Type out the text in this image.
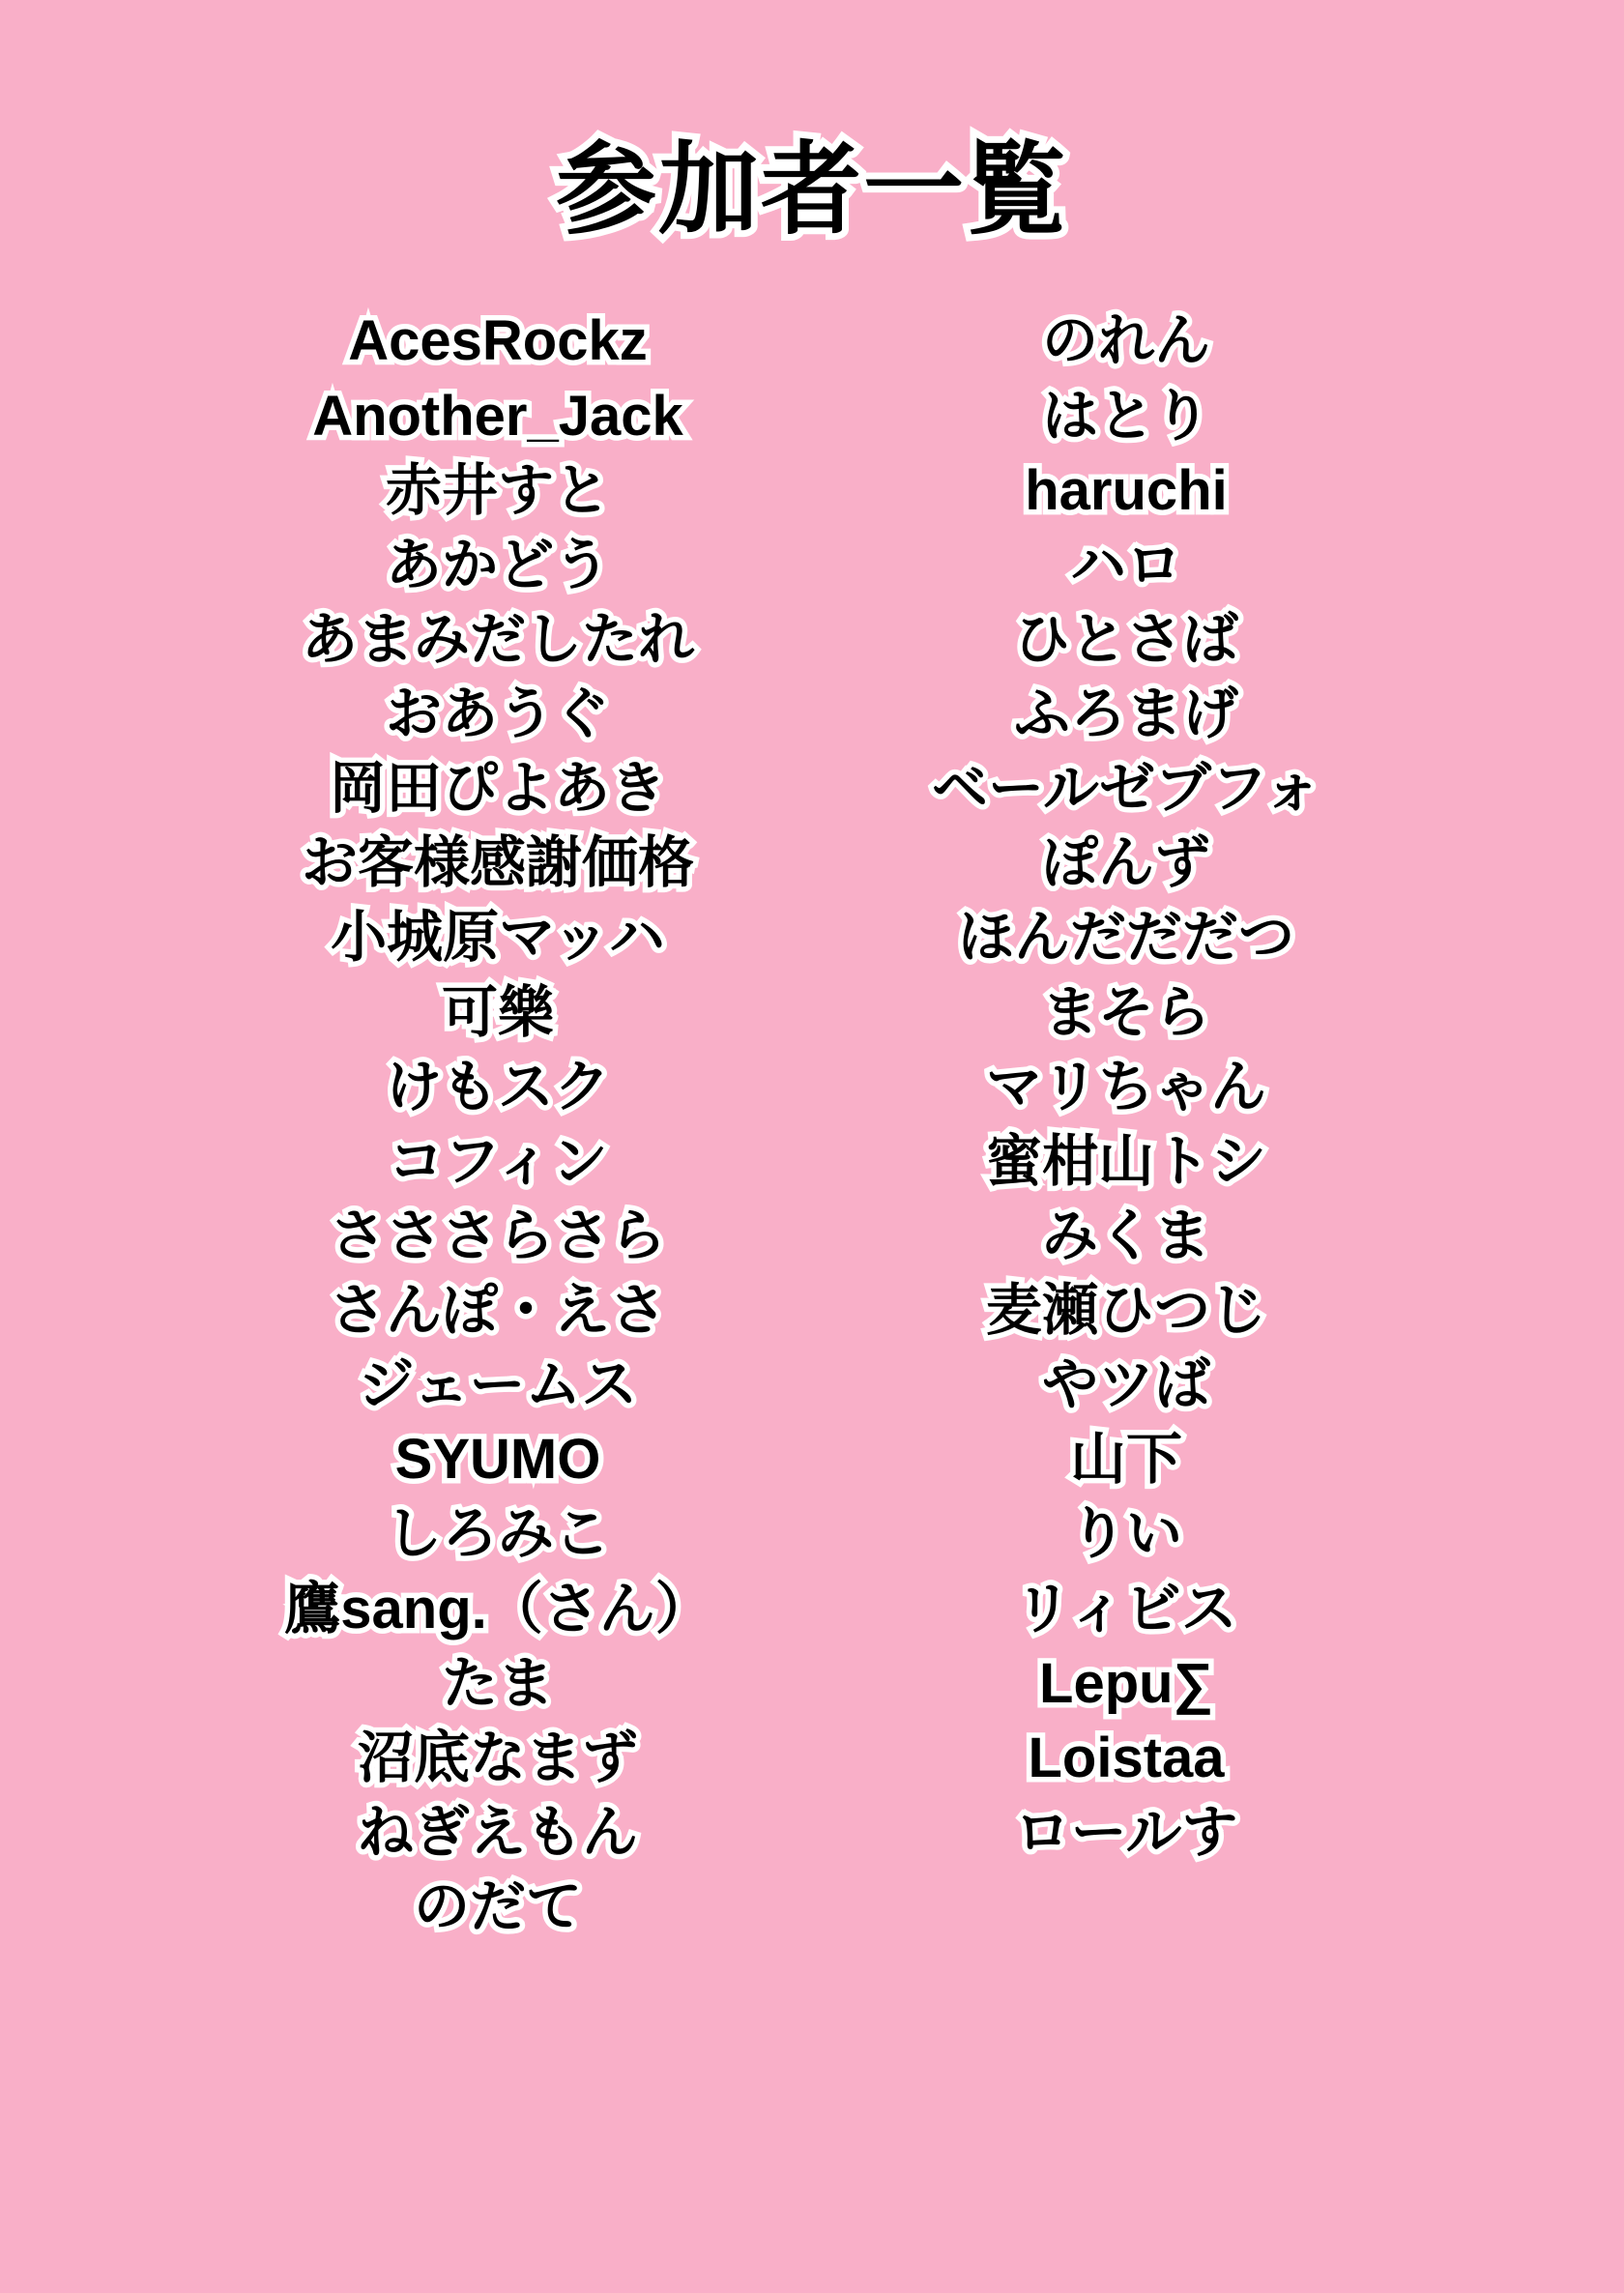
参加者一覧
AcesRockz
Another_Jack
赤井すと
あかどう
あまみだしたれ
おあうぐ
岡田ぴよあき
お客様感謝価格
小城原マッハ
可樂
けもスク
コフィン
さささらさら
さんぽ・えさ
ジェームス
SYUMO
しろみこ
鷹sang.（さん）
たま
沼底なまず
ねぎえもん
のだて
のれん
はとり
haruchi
ハロ
ひとさば
ふろまげ
ベールゼブフォ
ぽんず
ほんだだだつ
まそら
マリちゃん
蜜柑山トシ
みくま
麦瀬ひつじ
やツば
山下
りい
リィビス
Lepu∑
Loistaa
ロールす
